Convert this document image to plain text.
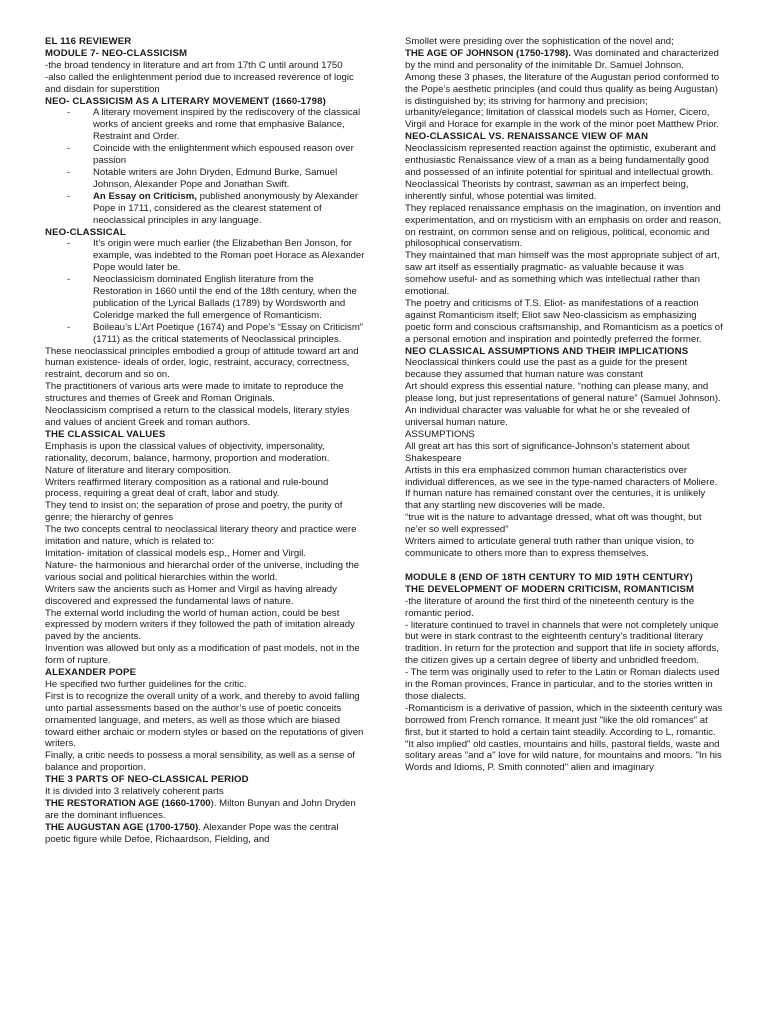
EL 116 REVIEWER

MODULE 7- NEO-CLASSICISM

-the broad tendency in literature and art from 17th C until around 1750

-also called the enlightenment period due to increased reverence of logic and disdain for superstition

NEO- CLASSICISM AS A LITERARY MOVEMENT (1660-1798)

- A literary movement inspired by the rediscovery of the classical works of ancient greeks and rome that emphasive Balance, Restraint and Order.
- Coincide with the enlightenment which espoused reason over passion
- Notable writers are John Dryden, Edmund Burke, Samuel Johnson, Alexander Pope and Jonathan Swift.
- An Essay on Criticism, published anonymously by Alexander Pope in 1711, considered as the clearest statement of neoclassical principles in any language.

NEO-CLASSICAL

- It’s origin were much earlier (the Elizabethan Ben Jonson, for example, was indebted to the Roman poet Horace as Alexander Pope would later be.
- Neoclassicism dominated English literature from the Restoration in 1660 until the end of the 18th century, when the publication of the Lyrical Ballads (1789) by Wordsworth and Coleridge marked the full emergence of Romanticism.
- Boileau’s L’Art Poetique (1674) and Pope’s “Essay on Criticism” (1711) as the critical statements of Neoclassical principles.

These neoclassical principles embodied a group of attitude toward art and human existence- ideals of order, logic, restraint, accuracy, correctness, restraint, decorum and so on.

The practitioners of various arts were made to imitate to reproduce the structures and themes of Greek and Roman Originals.

Neoclassicism comprised a return to the classical models, literary styles and values of ancient Greek and roman authors.

THE CLASSICAL VALUES

Emphasis is upon the classical values of objectivity, impersonality, rationality, decorum, balance, harmony, proportion and moderation.

Nature of literature and literary composition.

Writers reaffirmed literary composition as a rational and rule-bound process, requiring a great deal of craft, labor and study.

They tend to insist on; the separation of prose and poetry, the purity of genre; the hierarchy of genres

The two concepts central to neoclassical literary theory and practice were imitation and nature, which is related to:

Imitation- imitation of classical models esp., Homer and Virgil.

Nature- the harmonious and hierarchal order of the universe, including the various social and political hierarchies within the world.

Writers saw the ancients such as Homer and Virgil as having already discovered and expressed the fundamental laws of nature.

The external world including the world of human action, could be best expressed by modern writers if they followed the path of imitation already paved by the ancients.

Invention was allowed but only as a modification of past models, not in the form of rupture.

ALEXANDER POPE

He specified two further guidelines for the critic.

First is to recognize the overall unity of a work, and thereby to avoid falling unto partial assessments based on the author’s use of poetic conceits ornamented language, and meters, as well as those which are biased toward either archaic or modern styles or based on the reputations of given writers.

Finally, a critic needs to possess a moral sensibility, as well as a sense of balance and proportion.

THE 3 PARTS OF NEO-CLASSICAL PERIOD

It is divided into 3 relatively coherent parts

THE RESTORATION AGE (1660-1700). Milton Bunyan and John Dryden are the dominant influences.

THE AUGUSTAN AGE (1700-1750). Alexander Pope was the central poetic figure while Defoe, Richaardson, Fielding, and

Smollet were presiding over the sophistication of the novel and;

THE AGE OF JOHNSON (1750-1798). Was dominated and characterized by the mind and personality of the inimitable Dr. Samuel Johnson.

Among these 3 phases, the literature of the Augustan period conformed to the Pope’s aesthetic principles (and could thus qualify as being Augustan) is distinguished by; its striving for harmony and precision; urbanity/elegance; limitation of classical models such as Homer, Cicero, Virgil and Horace for example in the work of the minor poet Matthew Prior.

NEO-CLASSICAL VS. RENAISSANCE VIEW OF MAN

Neoclassicism represented reaction against the optimistic, exuberant and enthusiastic Renaissance view of a man as a being fundamentally good and possessed of an infinite potential for spiritual and intellectual growth.

Neoclassical Theorists by contrast, sawman as an imperfect being, inherently sinful, whose potential was limited.

They replaced renaissance emphasis on the imagination, on invention and experimentation, and on mysticism with an emphasis on order and reason, on restraint, on common sense and on religious, political, economic and philosophical conservatism.

They maintained that man himself was the most appropriate subject of art, saw art itself as essentially pragmatic- as valuable because it was somehow useful- and as something which was intellectual rather than emotional.

The poetry and criticisms of T.S. Eliot- as manifestations of a reaction against Romanticism itself; Eliot saw Neo-classicism as emphasizing poetic form and conscious craftsmanship, and Romanticism as a poetics of a personal emotion and inspiration and pointedly preferred the former.

NEO CLASSICAL ASSUMPTIONS AND THEIR IMPLICATIONS

Neoclassical thinkers could use the past as a guide for the present because they assumed that human nature was constant

Art should express this essential nature. “nothing can please many, and please long, but just representations of general nature” (Samuel Johnson).

An individual character was valuable for what he or she revealed of universal human nature.

ASSUMPTIONS

All great art has this sort of significance-Johnson’s statement about Shakespeare

Artists in this era emphasized common human characteristics over individual differences, as we see in the type-named characters of Moliere.

If human nature has remained constant over the centuries, it is unlikely that any startling new discoveries will be made.

“true wit is the nature to advantage dressed, what oft was thought, but ne’er so well expressed”

Writers aimed to articulate general truth rather than unique vision, to communicate to others more than to express themselves.

MODULE 8 (END OF 18TH CENTURY TO MID 19TH CENTURY)

THE DEVELOPMENT OF MODERN CRITICISM, ROMANTICISM

-the literature of around the first third of the nineteenth century is the romantic period.

- literature continued to travel in channels that were not completely unique but were in stark contrast to the eighteenth century’s traditional literary tradition. In return for the protection and support that life in society affords, the citizen gives up a certain degree of liberty and unbridled freedom.

- The term was originally used to refer to the Latin or Roman dialects used in the Roman provinces, France in particular, and to the stories written in those dialects.

-Romanticism is a derivative of passion, which in the sixteenth century was borrowed from French romance. It meant just "like the old romances" at first, but it started to hold a certain taint steadily. According to L, romantic. "It also implied" old castles, mountains and hills, pastoral fields, waste and solitary areas "and a" love for wild nature, for mountains and moors. "In his Words and Idioms, P. Smith connoted" alien and imaginary
